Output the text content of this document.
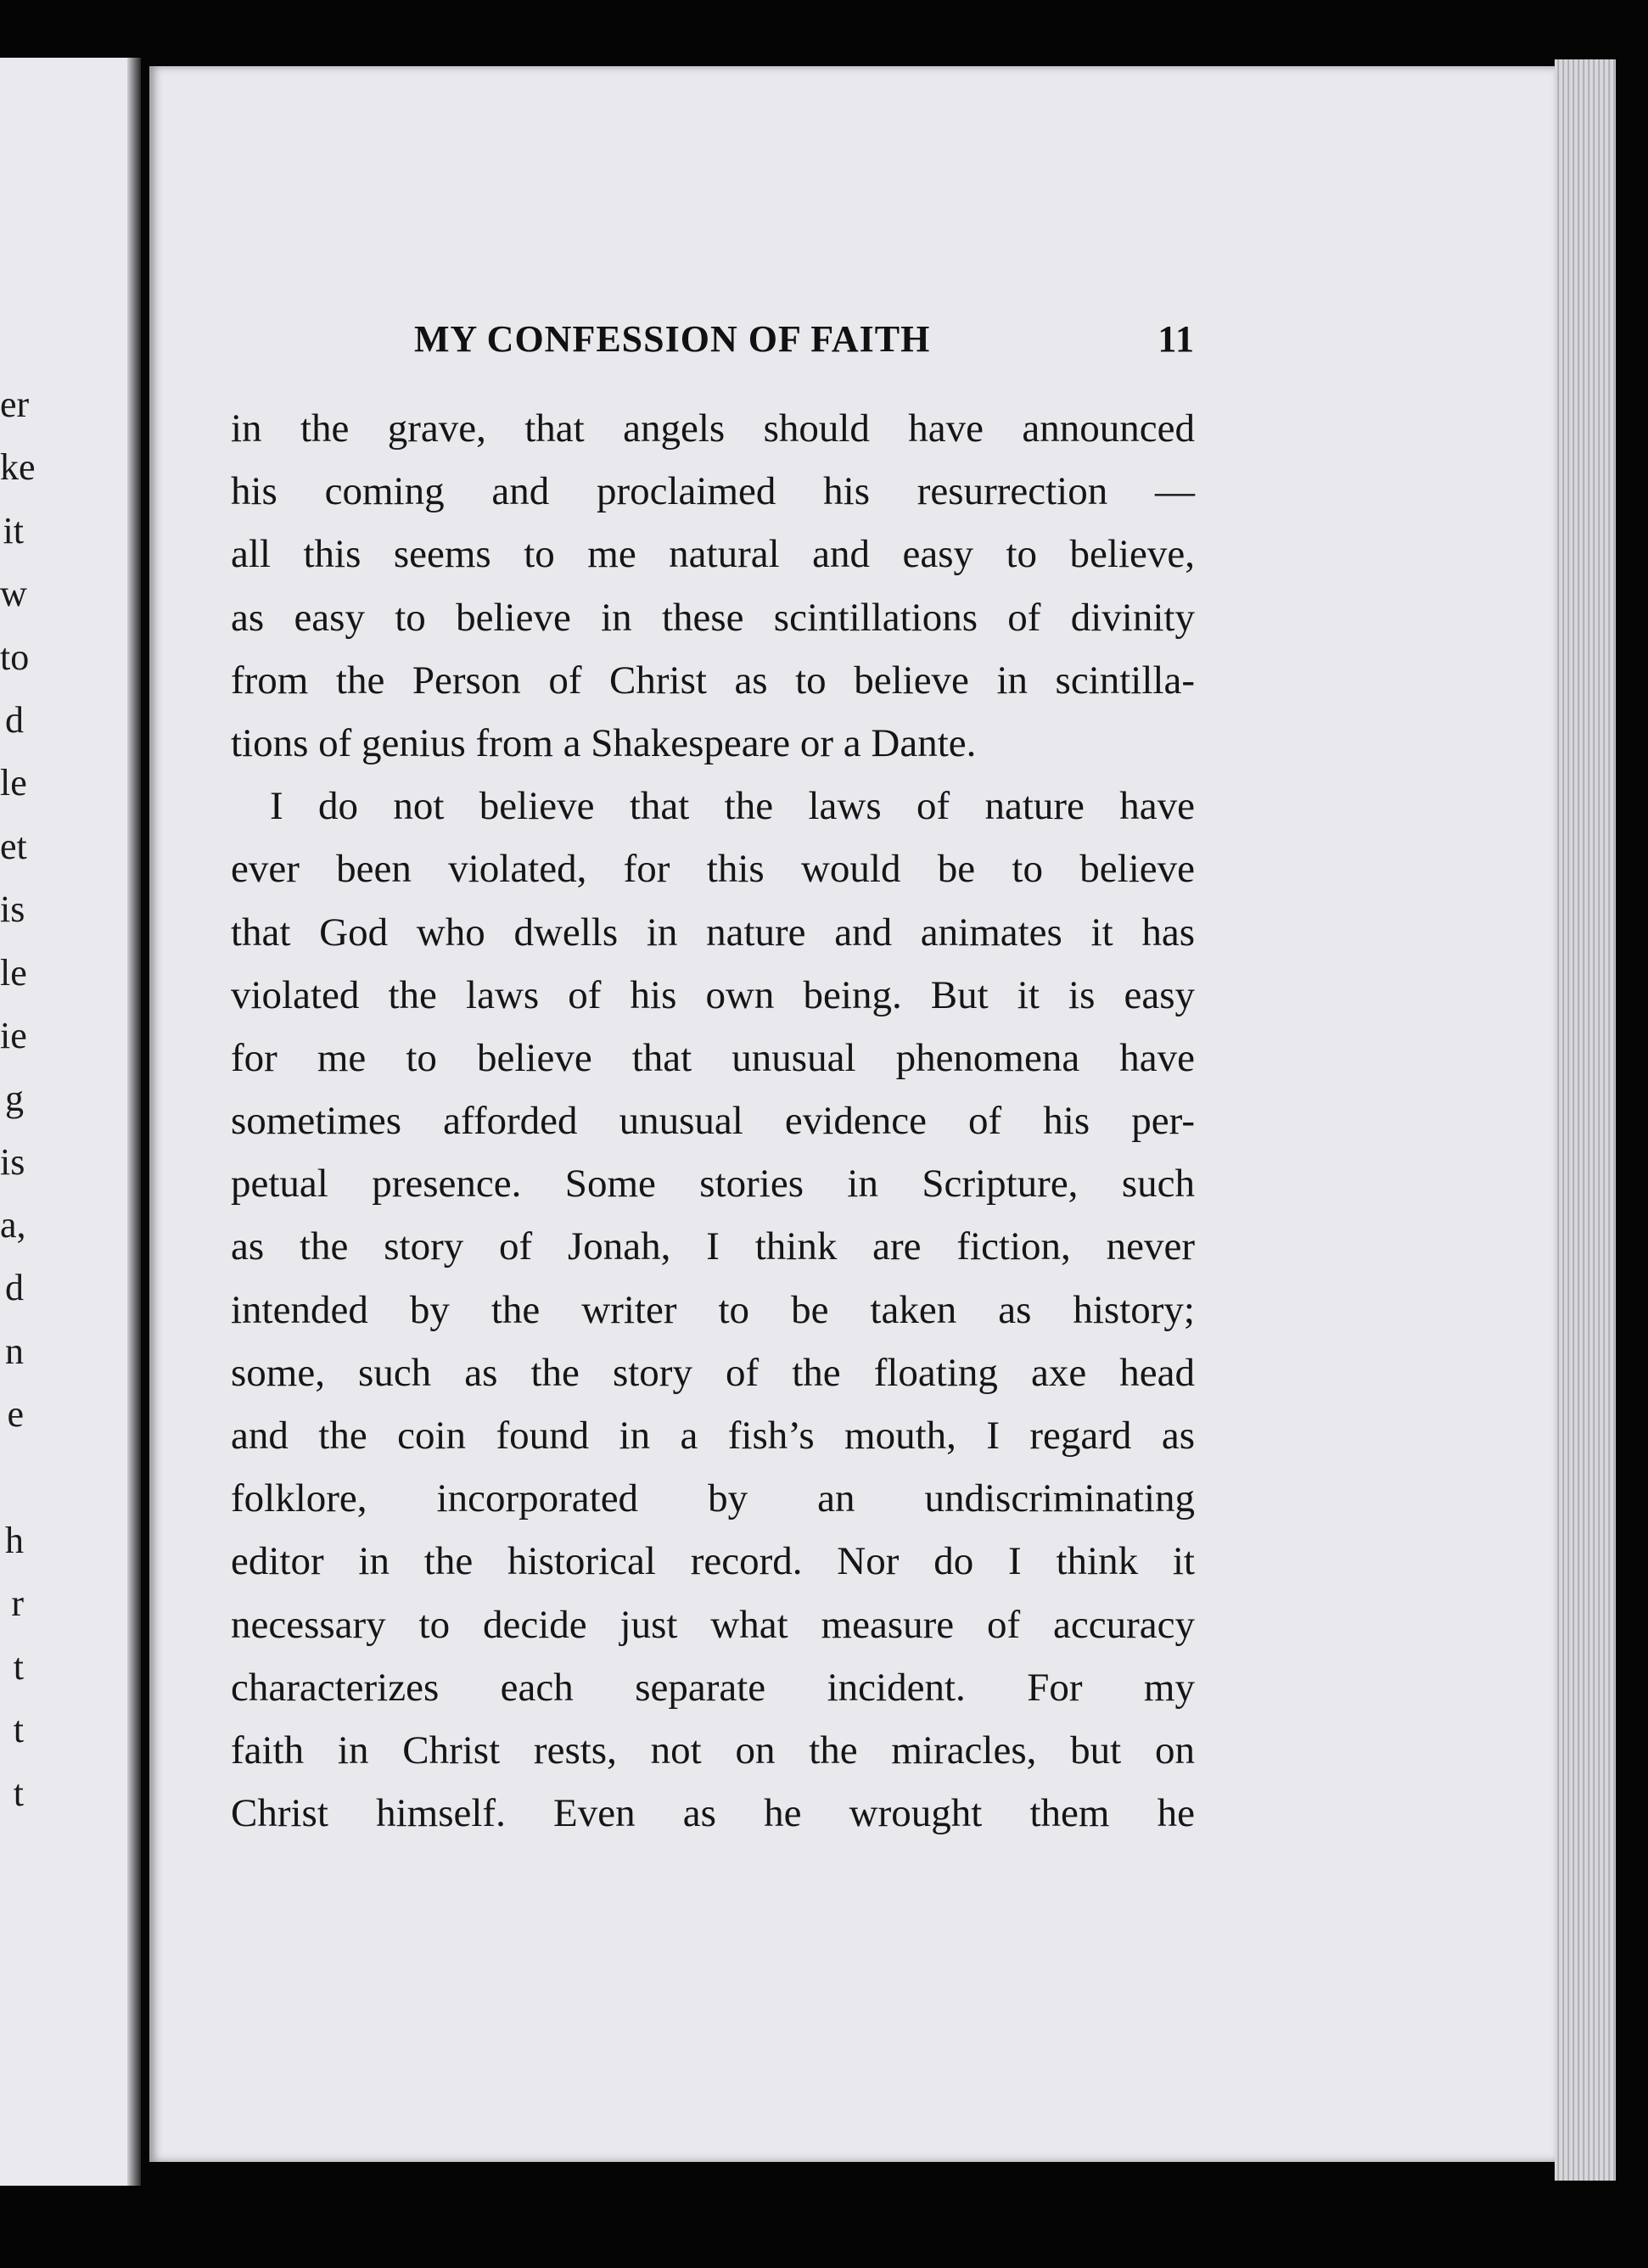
er
ke
it
w
to
d
le
et
is
le
ie
g
is
a,
d
n
e
h
r
t
t
t
MY CONFESSION OF FAITH	11
in the grave, that angels should have announced
his coming and proclaimed his resurrection —
all this seems to me natural and easy to believe,
as easy to believe in these scintillations of divinity
from the Person of Christ as to believe in scintilla-
tions of genius from a Shakespeare or a Dante.
I do not believe that the laws of nature have
ever been violated, for this would be to believe
that God who dwells in nature and animates it has
violated the laws of his own being. But it is easy
for me to believe that unusual phenomena have
sometimes afforded unusual evidence of his per-
petual presence. Some stories in Scripture, such
as the story of Jonah, I think are fiction, never
intended by the writer to be taken as history;
some, such as the story of the floating axe head
and the coin found in a fish’s mouth, I regard as
folklore, incorporated by an undiscriminating
editor in the historical record. Nor do I think it
necessary to decide just what measure of accuracy
characterizes each separate incident. For my
faith in Christ rests, not on the miracles, but on
Christ himself. Even as he wrought them he
